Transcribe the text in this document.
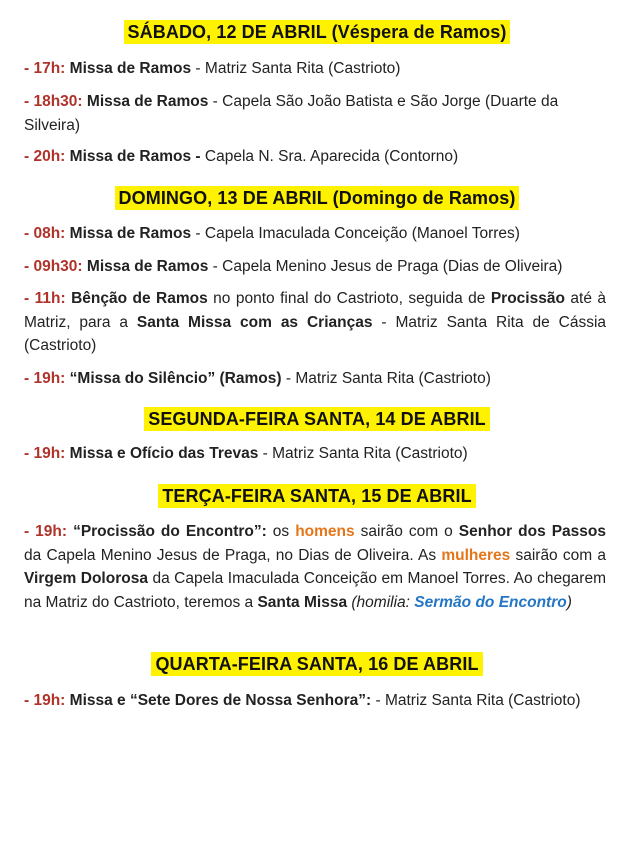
SÁBADO, 12 DE ABRIL (Véspera de Ramos)

- 17h: Missa de Ramos - Matriz Santa Rita (Castrioto)

- 18h30: Missa de Ramos - Capela São João Batista e São Jorge (Duarte da Silveira)

- 20h: Missa de Ramos - Capela N. Sra. Aparecida (Contorno)

DOMINGO, 13 DE ABRIL (Domingo de Ramos)

- 08h: Missa de Ramos - Capela Imaculada Conceição (Manoel Torres)

- 09h30: Missa de Ramos - Capela Menino Jesus de Praga (Dias de Oliveira)

- 11h: Bênção de Ramos no ponto final do Castrioto, seguida de Procissão até à Matriz, para a Santa Missa com as Crianças - Matriz Santa Rita de Cássia (Castrioto)

- 19h: “Missa do Silêncio” (Ramos) - Matriz Santa Rita (Castrioto)

SEGUNDA-FEIRA SANTA, 14 DE ABRIL

- 19h: Missa e Ofício das Trevas - Matriz Santa Rita (Castrioto)

TERÇA-FEIRA SANTA, 15 DE ABRIL

- 19h: “Procissão do Encontro”: os homens sairão com o Senhor dos Passos da Capela Menino Jesus de Praga, no Dias de Oliveira. As mulheres sairão com a Virgem Dolorosa da Capela Imaculada Conceição em Manoel Torres. Ao chegarem na Matriz do Castrioto, teremos a Santa Missa (homilia: Sermão do Encontro)

QUARTA-FEIRA SANTA, 16 DE ABRIL

- 19h: Missa e “Sete Dores de Nossa Senhora”: - Matriz Santa Rita (Castrioto)
